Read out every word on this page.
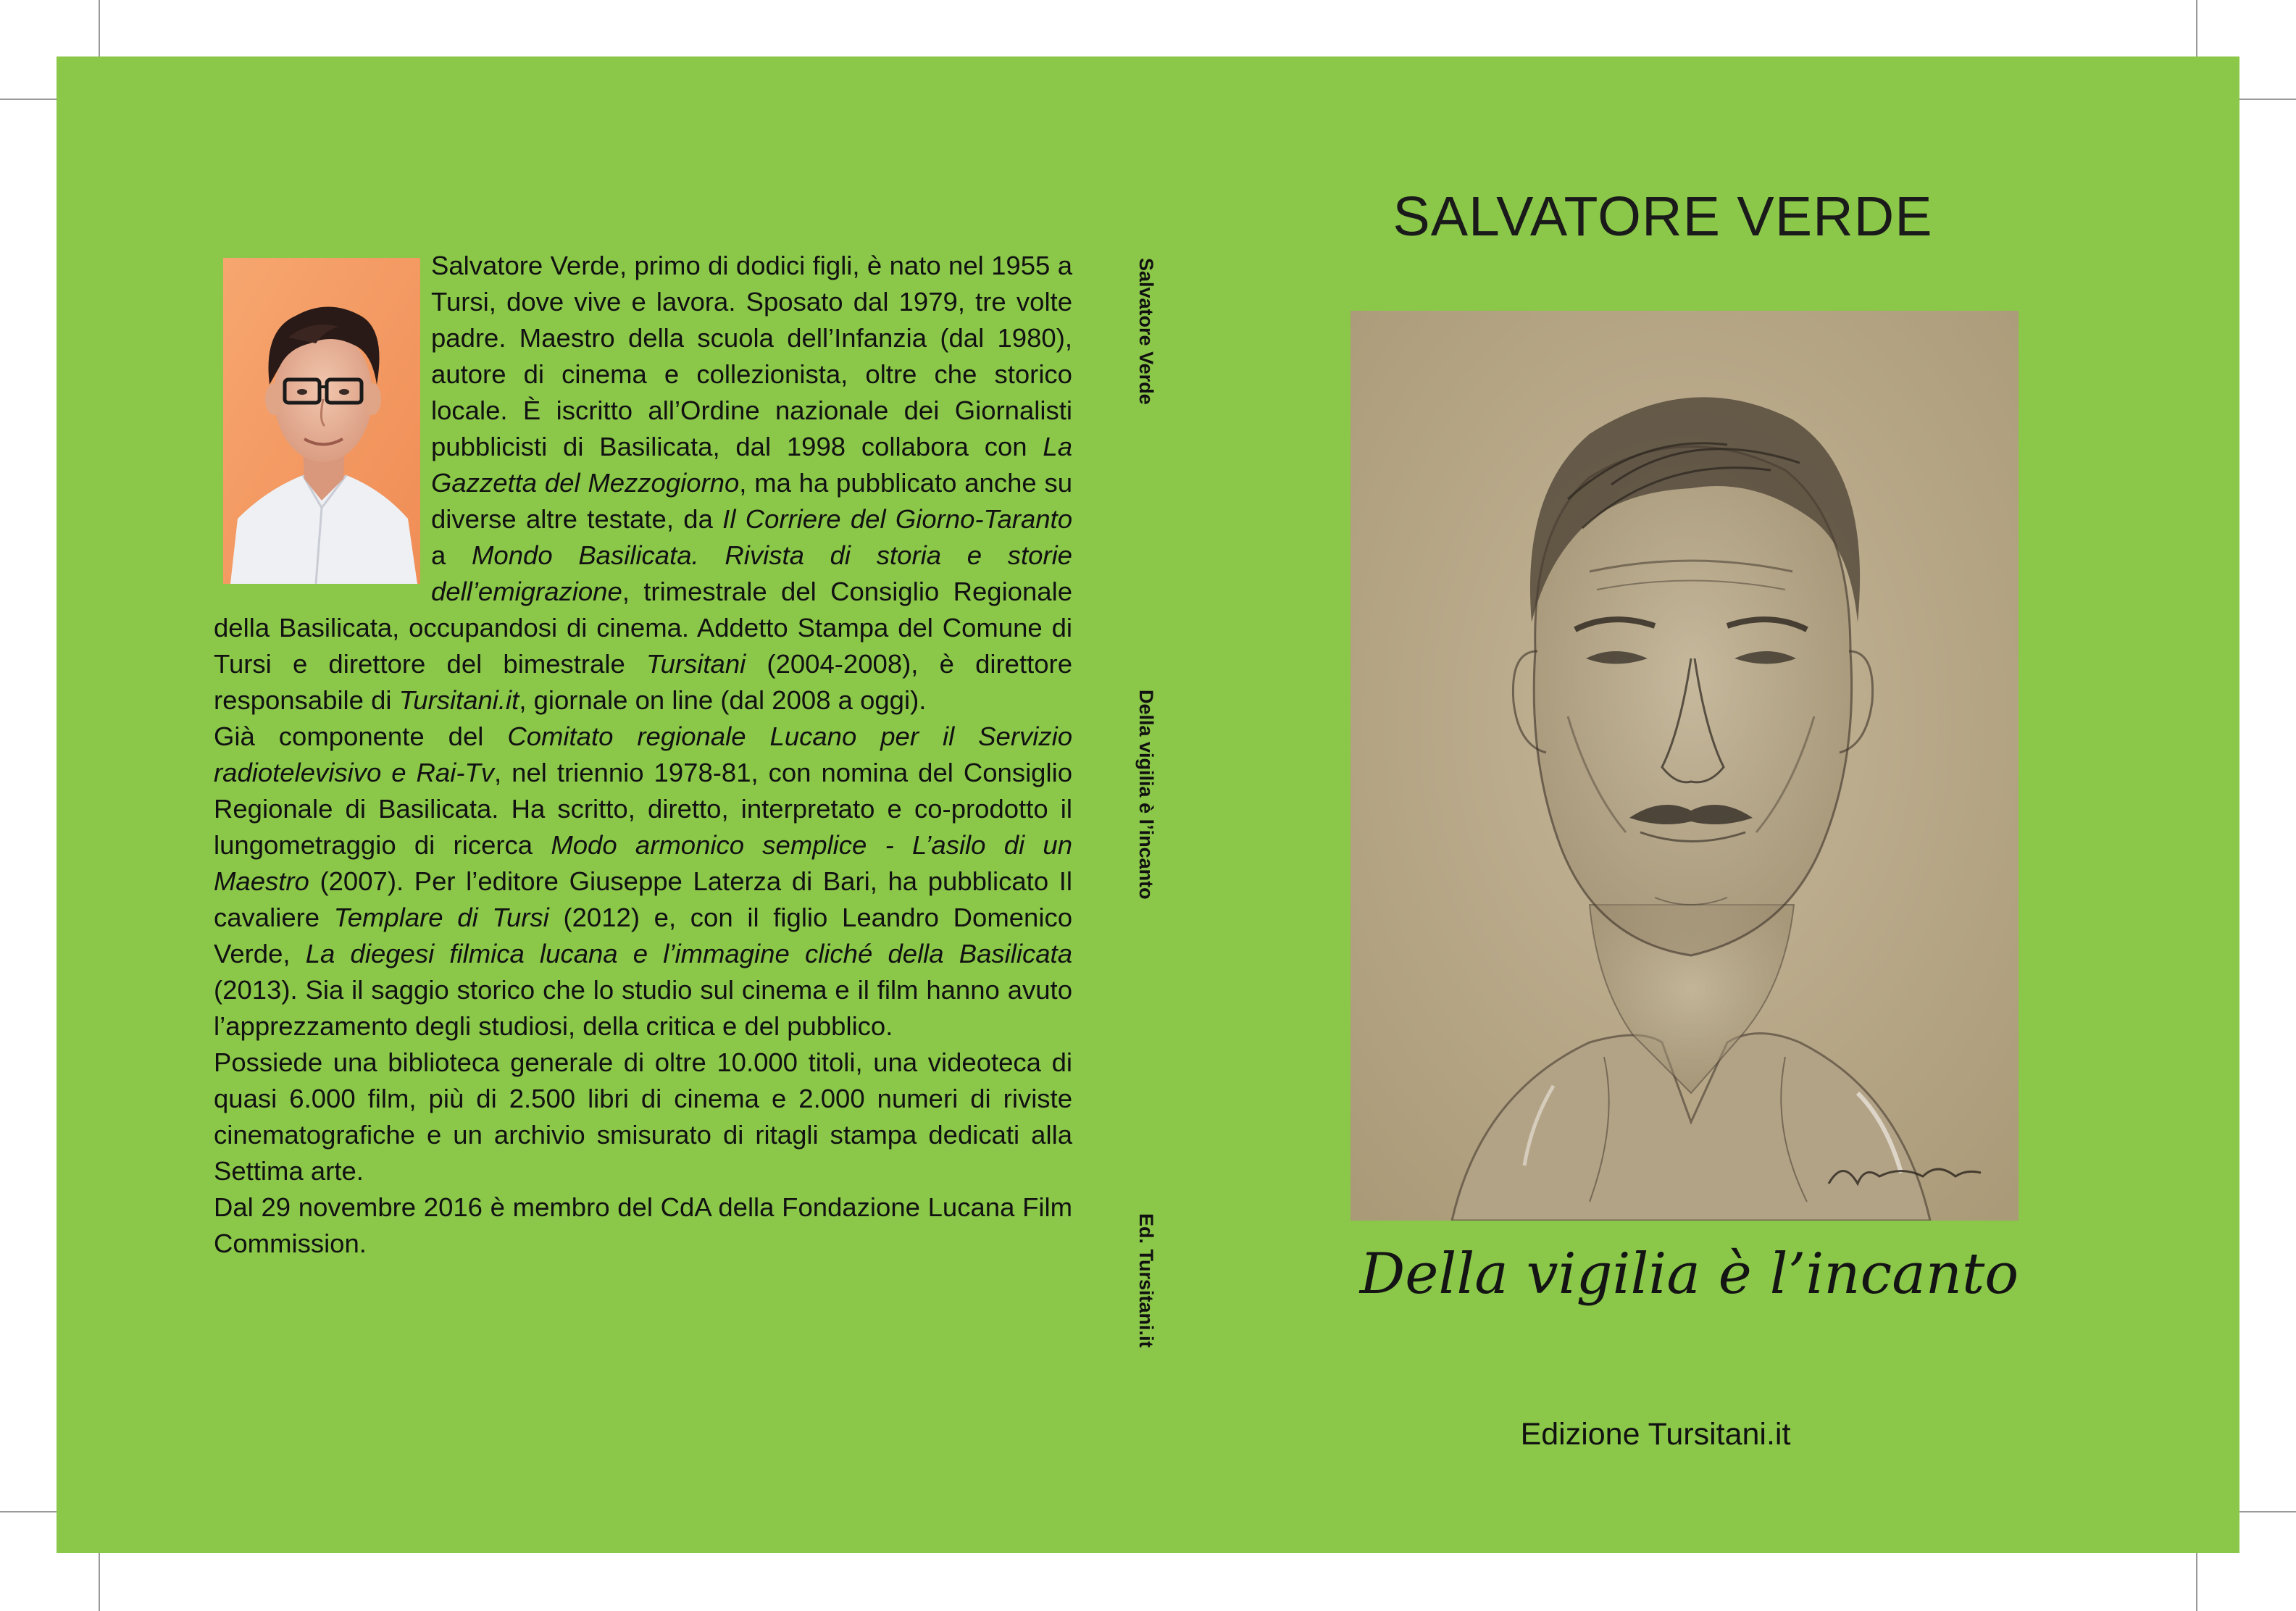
Salvatore Verde, primo di dodici figli, è nato nel 1955 a Tursi, dove vive e lavora. Sposato dal 1979, tre volte padre. Maestro della scuola dell’Infanzia (dal 1980), autore di cinema e collezionista, oltre che storico locale. È iscritto all’Ordine nazionale dei Giornalisti pubblicisti di Basilicata, dal 1998 collabora con La Gazzetta del Mezzogiorno, ma ha pubblicato anche su diverse altre testate, da Il Corriere del Giorno-Taranto a Mondo Basilicata. Rivista di storia e storie dell’emigrazione, trimestrale del Consiglio Regionale della Basilicata, occupandosi di cinema. Addetto Stampa del Comune di Tursi e direttore del bimestrale Tursitani (2004-2008), è direttore responsabile di Tursitani.it, giornale on line (dal 2008 a oggi).

Già componente del Comitato regionale Lucano per il Servizio radiotelevisivo e Rai-Tv, nel triennio 1978-81, con nomina del Consiglio Regionale di Basilicata. Ha scritto, diretto, interpretato e co-prodotto il lungometraggio di ricerca Modo armonico semplice - L’asilo di un Maestro (2007). Per l’editore Giuseppe Laterza di Bari, ha pubblicato Il cavaliere Templare di Tursi (2012) e, con il figlio Leandro Domenico Verde, La diegesi filmica lucana e l’immagine cliché della Basilicata (2013). Sia il saggio storico che lo studio sul cinema e il film hanno avuto l’apprezzamento degli studiosi, della critica e del pubblico.

Possiede una biblioteca generale di oltre 10.000 titoli, una videoteca di quasi 6.000 film, più di 2.500 libri di cinema e 2.000 numeri di riviste cinematografiche e un archivio smisurato di ritagli stampa dedicati alla Settima arte.

Dal 29 novembre 2016 è membro del CdA della Fondazione Lucana Film Commission.

Salvatore Verde
Della vigilia è l’incanto
Ed. Tursitani.it
SALVATORE VERDE
Della vigilia è l’incanto
Edizione Tursitani.it
